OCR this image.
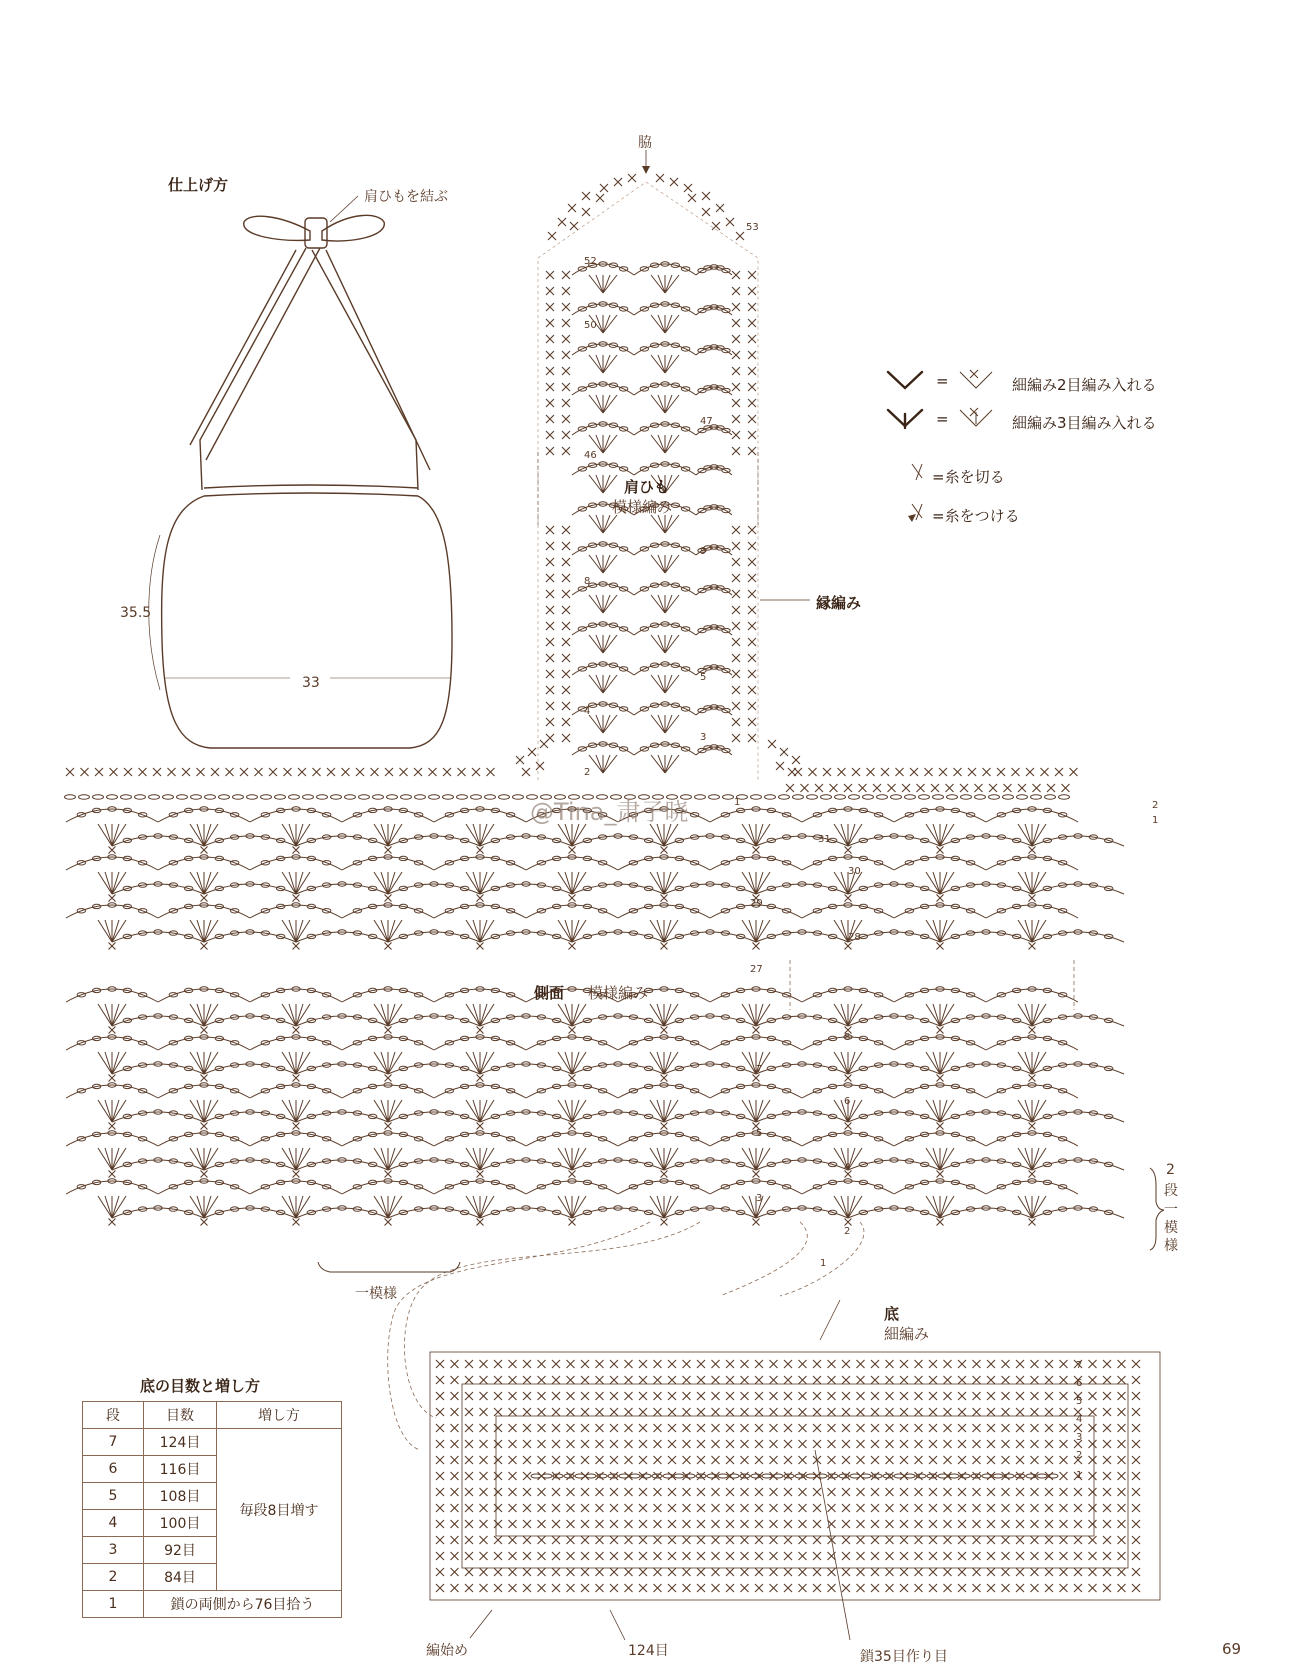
仕上げ方
肩ひもを結ぶ
35.5
33
脇
肩ひも
模様編み
縁編み
53
52
50
47
46
9
8
5
4
3
2
1
=	細編み2目編み入れる
=	細編み3目編み入れる
=糸を切る
=糸をつける
側面 模様編み
一模様
2
段
一
模
様
2
1
31
30
29
28
27
8
7
6
5
4
3
2
1
@Tina_肃子晓
底
細編み
編始め	124目	鎖35目作り目
7
6
5
4
3
2
1
底の目数と増し方
段	目数	増し方
7	124目	毎段8目増す
6	116目	
5	108目	
4	100目	
3	92目	
2	84目	
1	鎖の両側から76目拾う	
69
